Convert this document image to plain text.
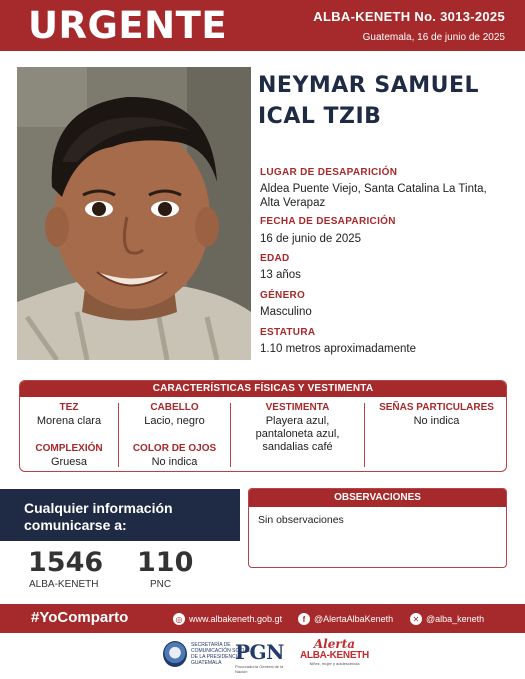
URGENTE	ALBA-KENETH No. 3013-2025
Guatemala, 16 de junio de 2025
NEYMAR SAMUEL
ICAL TZIB
LUGAR DE DESAPARICIÓN
Aldea Puente Viejo, Santa Catalina La Tinta,
Alta Verapaz
FECHA DE DESAPARICIÓN
16 de junio de 2025
EDAD
13 años
GÉNERO
Masculino
ESTATURA
1.10 metros aproximadamente
CARACTERÍSTICAS FÍSICAS Y VESTIMENTA
TEZ
Morena clara
COMPLEXIÓN
Gruesa
CABELLO
Lacio, negro
COLOR DE OJOS
No indica
VESTIMENTA
Playera azul,
pantaloneta azul,
sandalias café
SEÑAS PARTICULARES
No indica
Cualquier información
comunicarse a:
1546
ALBA-KENETH
110
PNC
OBSERVACIONES
Sin observaciones
#YoComparto	◎ www.albakeneth.gob.gt	f @AlertaAlbaKeneth	✕ @alba_keneth
SECRETARÍA DE COMUNICACIÓN SOCIAL DE LA PRESIDENCIA GUATEMALA PGN
Procuraduría General de la Nación
Alerta
ALBA-KENETH
Niñez, mujer y adolescencia
